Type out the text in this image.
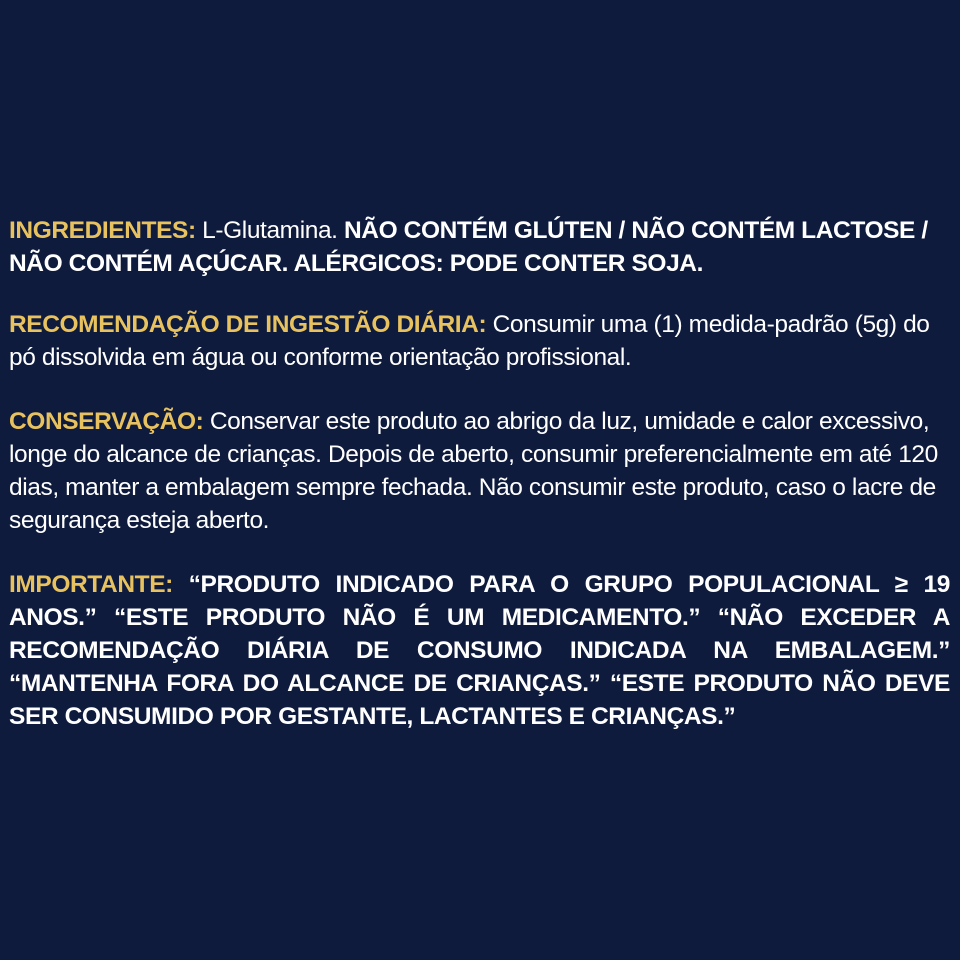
INGREDIENTES: L-Glutamina. NÃO CONTÉM GLÚTEN / NÃO CONTÉM LACTOSE / NÃO CONTÉM AÇÚCAR. ALÉRGICOS: PODE CONTER SOJA.

RECOMENDAÇÃO DE INGESTÃO DIÁRIA: Consumir uma (1) medida-padrão (5g) do pó dissolvida em água ou conforme orientação profissional.

CONSERVAÇÃO: Conservar este produto ao abrigo da luz, umidade e calor excessivo, longe do alcance de crianças. Depois de aberto, consumir preferencialmente em até 120 dias, manter a embalagem sempre fechada. Não consumir este produto, caso o lacre de segurança esteja aberto.

IMPORTANTE: “PRODUTO INDICADO PARA O GRUPO POPULACIONAL ≥ 19 ANOS.” “ESTE PRODUTO NÃO É UM MEDICAMENTO.” “NÃO EXCEDER A RECOMENDAÇÃO DIÁRIA DE CONSUMO INDICADA NA EMBALAGEM.” “MANTENHA FORA DO ALCANCE DE CRIANÇAS.” “ESTE PRODUTO NÃO DEVE SER CONSUMIDO POR GESTANTE, LACTANTES E CRIANÇAS.”
